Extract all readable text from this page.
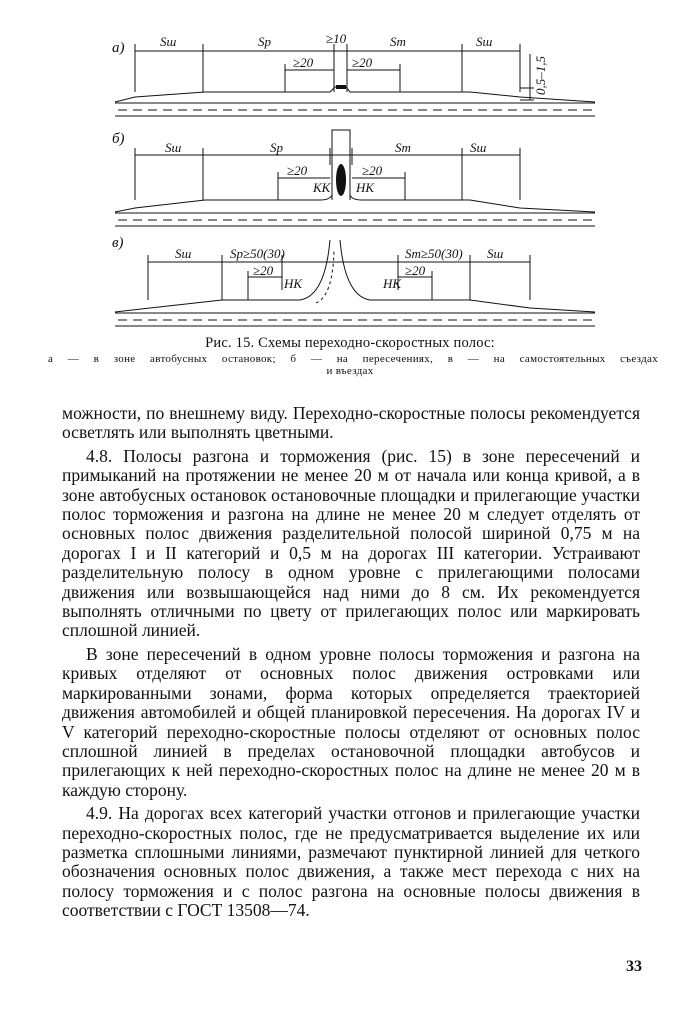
а)	Sш	Sр	≥10	Sт	Sш
≥20	≥20	0,5–1,5
б)
Sш	Sр	Sт	Sш
≥20	≥20
КК НК
в)
Sш	Sр≥50(30)	Sт≥50(30) Sш
≥20	≥20
НК	НК
Рис. 15. Схемы переходно-скоростных полос:
а — в зоне автобусных остановок; б — на пересечениях, в — на самостоятельных съездах
и въездах

можности, по внешнему виду. Переходно-скоростные полосы рекомендуется осветлять или выполнять цветными.

4.8. Полосы разгона и торможения (рис. 15) в зоне пересечений и примыканий на протяжении не менее 20 м от начала или конца кривой, а в зоне автобусных остановок остановочные площадки и прилегающие участки полос торможения и разгона на длине не менее 20 м следует отделять от основных полос движения разделительной полосой шириной 0,75 м на дорогах I и II категорий и 0,5 м на дорогах III категории. Устраивают разделительную полосу в одном уровне с прилегающими полосами движения или возвышающейся над ними до 8 см. Их рекомендуется выполнять отличными по цвету от прилегающих полос или маркировать сплошной линией.

В зоне пересечений в одном уровне полосы торможения и разгона на кривых отделяют от основных полос движения островками или маркированными зонами, форма которых определяется траекторией движения автомобилей и общей планировкой пересечения. На дорогах IV и V категорий переходно-скоростные полосы отделяют от основных полос сплошной линией в пределах остановочной площадки автобусов и прилегающих к ней переходно-скоростных полос на длине не менее 20 м в каждую сторону.

4.9. На дорогах всех категорий участки отгонов и прилегающие участки переходно-скоростных полос, где не предусматривается выделение их или разметка сплошными линиями, размечают пунктирной линией для четкого обозначения основных полос движения, а также мест перехода с них на полосу торможения и с полос разгона на основные полосы движения в соответствии с ГОСТ 13508—74.

33
